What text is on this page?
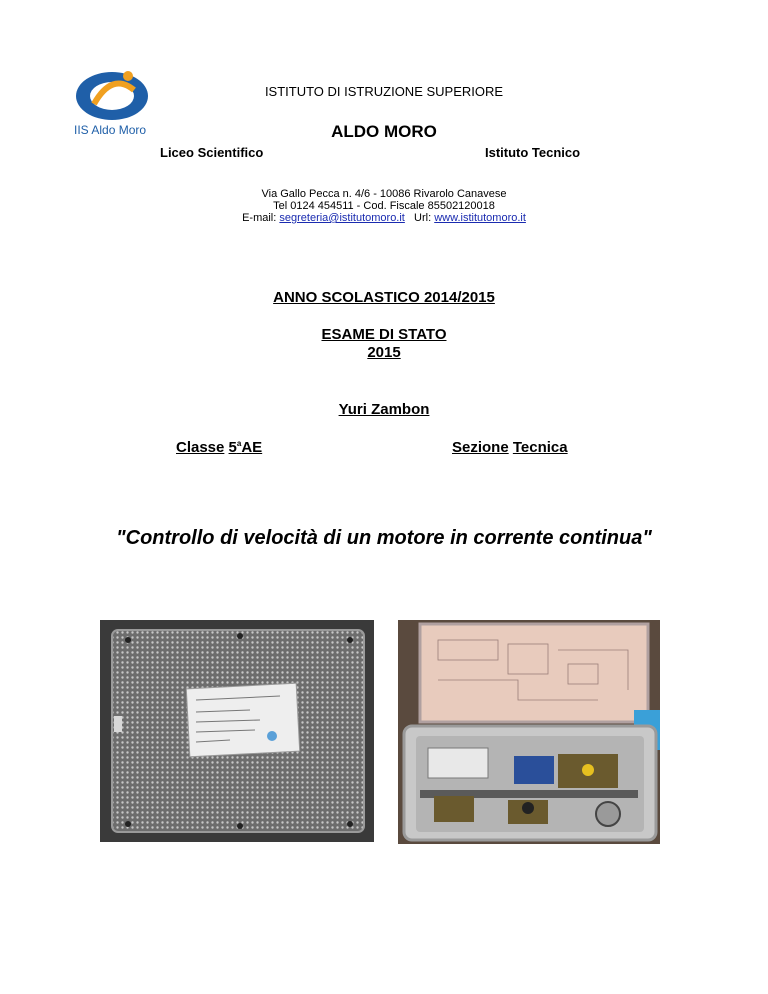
IIS Aldo Moro
ISTITUTO DI ISTRUZIONE SUPERIORE
ALDO MORO
Liceo Scientifico	Istituto Tecnico
Via Gallo Pecca n. 4/6 - 10086 Rivarolo Canavese
Tel 0124 454511 - Cod. Fiscale 85502120018
E-mail: segreteria@istitutomoro.it Url: www.istitutomoro.it
ANNO SCOLASTICO 2014/2015
ESAME DI STATO
2015
Yuri Zambon
Classe 5$^a$AE	Sezione Tecnica
"Controllo di velocità di un motore in corrente continua"
